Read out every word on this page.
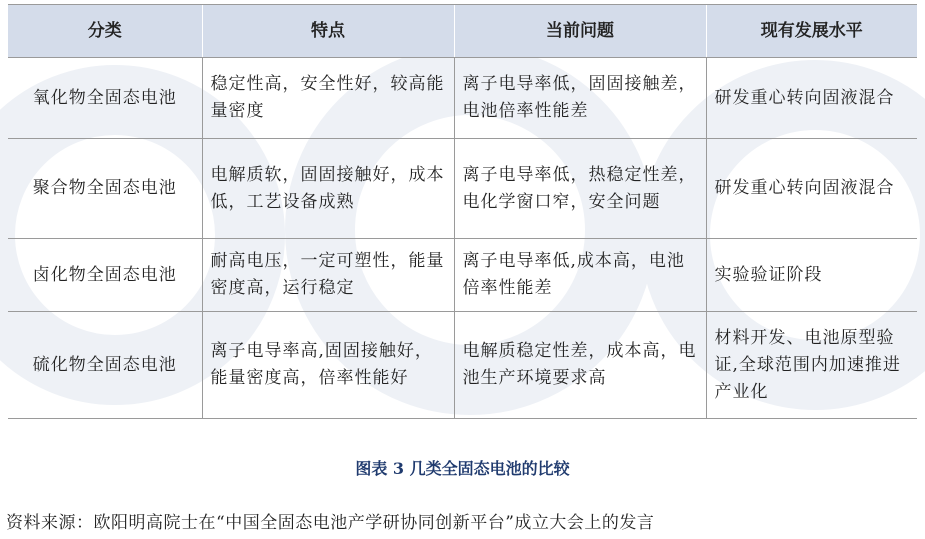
分类	特点	当前问题	现有发展水平
氧化物全固态电池	稳定性高，安全性好，较高能量密度	离子电导率低，固固接触差，电池倍率性能差	研发重心转向固液混合
聚合物全固态电池	电解质软，固固接触好，成本低，工艺设备成熟	离子电导率低，热稳定性差，电化学窗口窄，安全问题	研发重心转向固液混合
卤化物全固态电池	耐高电压，一定可塑性，能量密度高，运行稳定	离子电导率低,成本高，电池倍率性能差	实验验证阶段
硫化物全固态电池	离子电导率高,固固接触好，能量密度高，倍率性能好	电解质稳定性差，成本高，电池生产环境要求高	材料开发、电池原型验证,全球范围内加速推进产业化
图表 3 几类全固态电池的比较
资料来源：欧阳明高院士在“中国全固态电池产学研协同创新平台”成立大会上的发言
